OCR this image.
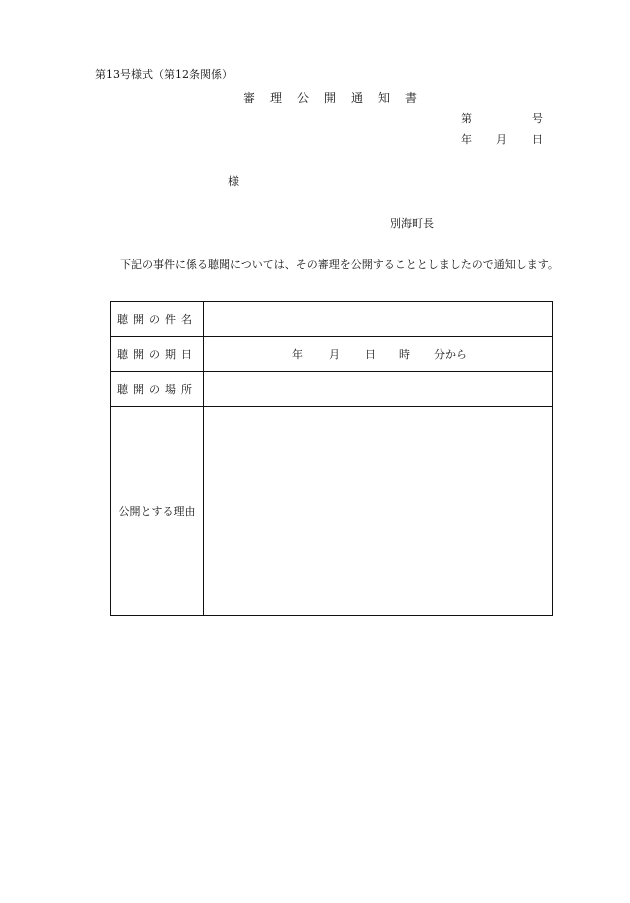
第13号様式（第12条関係）
審理公開通知書
第	号
年 月 日
様
別海町長
下記の事件に係る聴聞については、その審理を公開することとしましたので通知します。
聴開の件名	
聴開の期日	年 月 日 時 分から

聴開の場所	
公開とする理由	
